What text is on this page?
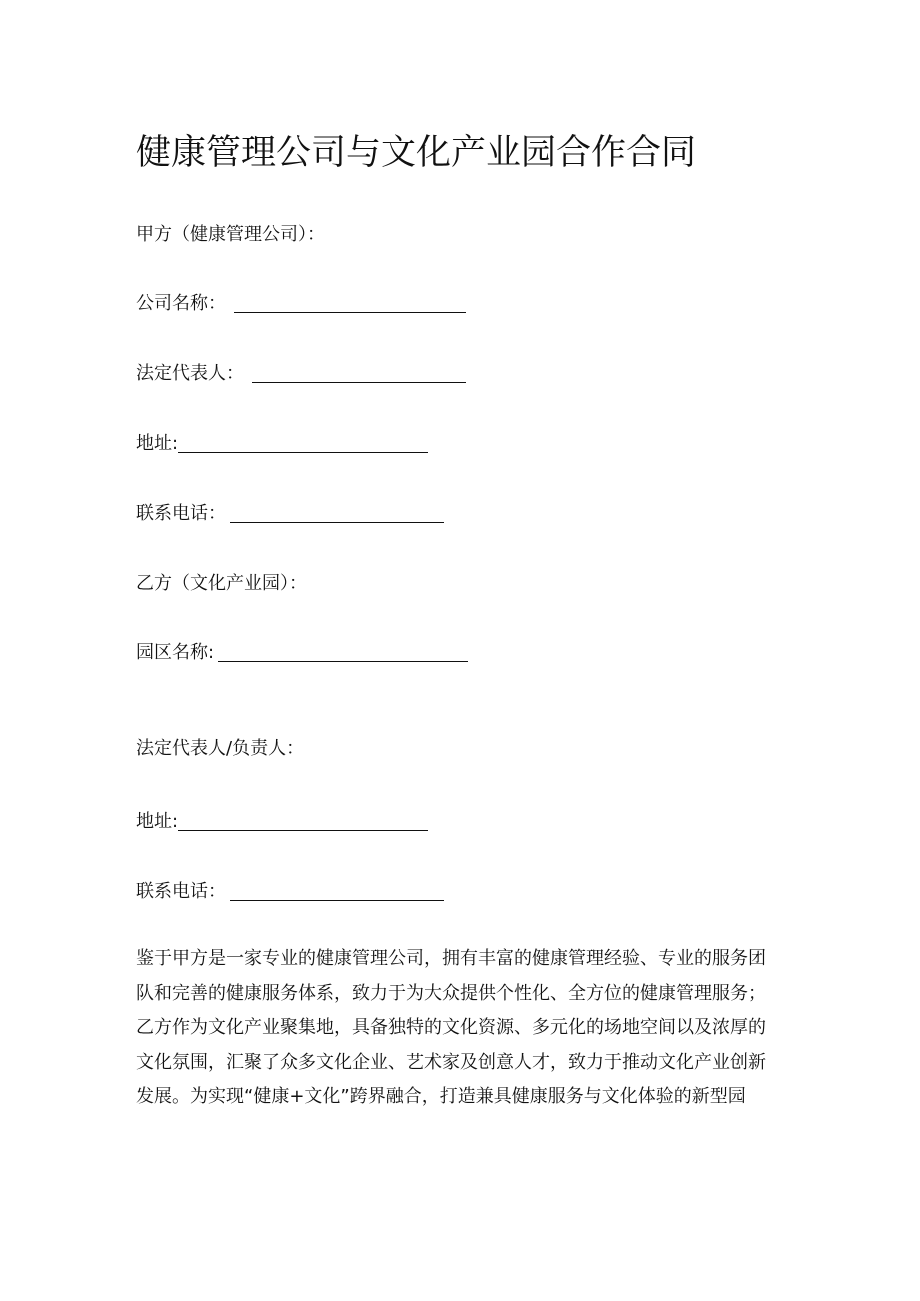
健康管理公司与文化产业园合作合同
甲方（健康管理公司）：
公司名称：
法定代表人：
地址:
联系电话：
乙方（文化产业园）：
园区名称:
法定代表人/负责人：
地址:
联系电话：
鉴于甲方是一家专业的健康管理公司，拥有丰富的健康管理经验、专业的服务团
队和完善的健康服务体系，致力于为大众提供个性化、全方位的健康管理服务；
乙方作为文化产业聚集地，具备独特的文化资源、多元化的场地空间以及浓厚的
文化氛围，汇聚了众多文化企业、艺术家及创意人才，致力于推动文化产业创新
发展。为实现“健康+文化”跨界融合，打造兼具健康服务与文化体验的新型园
